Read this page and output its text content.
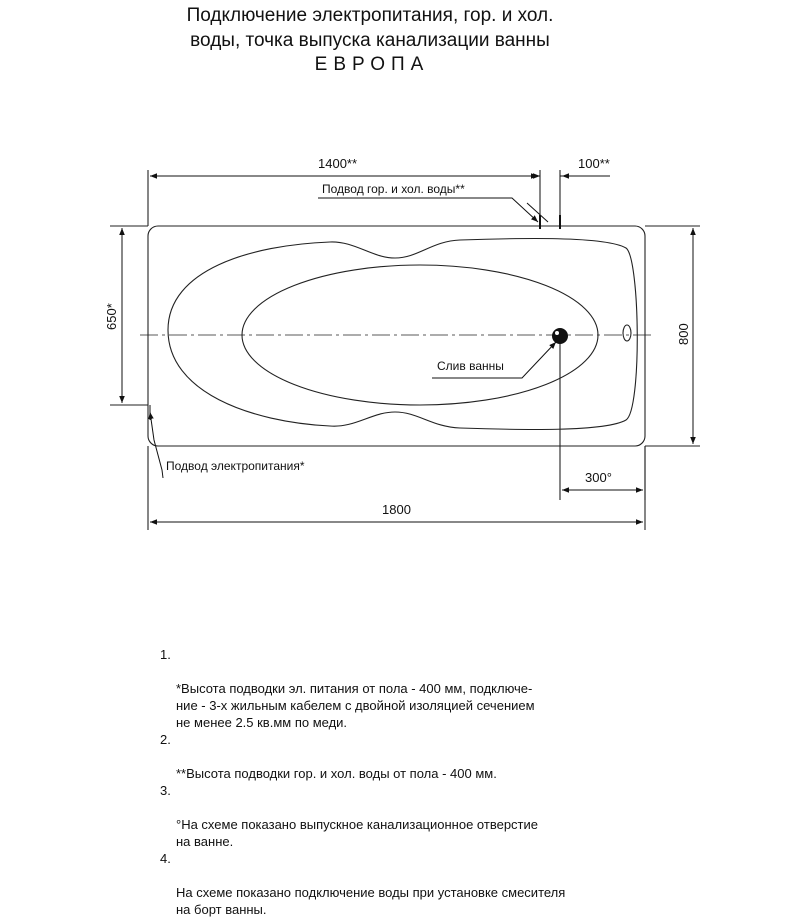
Подключение электропитания, гор. и хол.
воды, точка выпуска канализации ванны
ЕВРОПА
1400**	100**
650*
800
1800
300°
Подвод гор. и хол. воды**
Слив ванны
Подвод электропитания*

1.

*Высота подводки эл. питания от пола - 400 мм, подключе-
ние - 3-х жильным кабелем с двойной изоляцией сечением
не менее 2.5 кв.мм по меди.

2.

**Высота подводки гор. и хол. воды от пола - 400 мм.

3.

°На схеме показано выпускное канализационное отверстие
на ванне.

4.

На схеме показано подключение воды при установке смесителя
на борт ванны.
